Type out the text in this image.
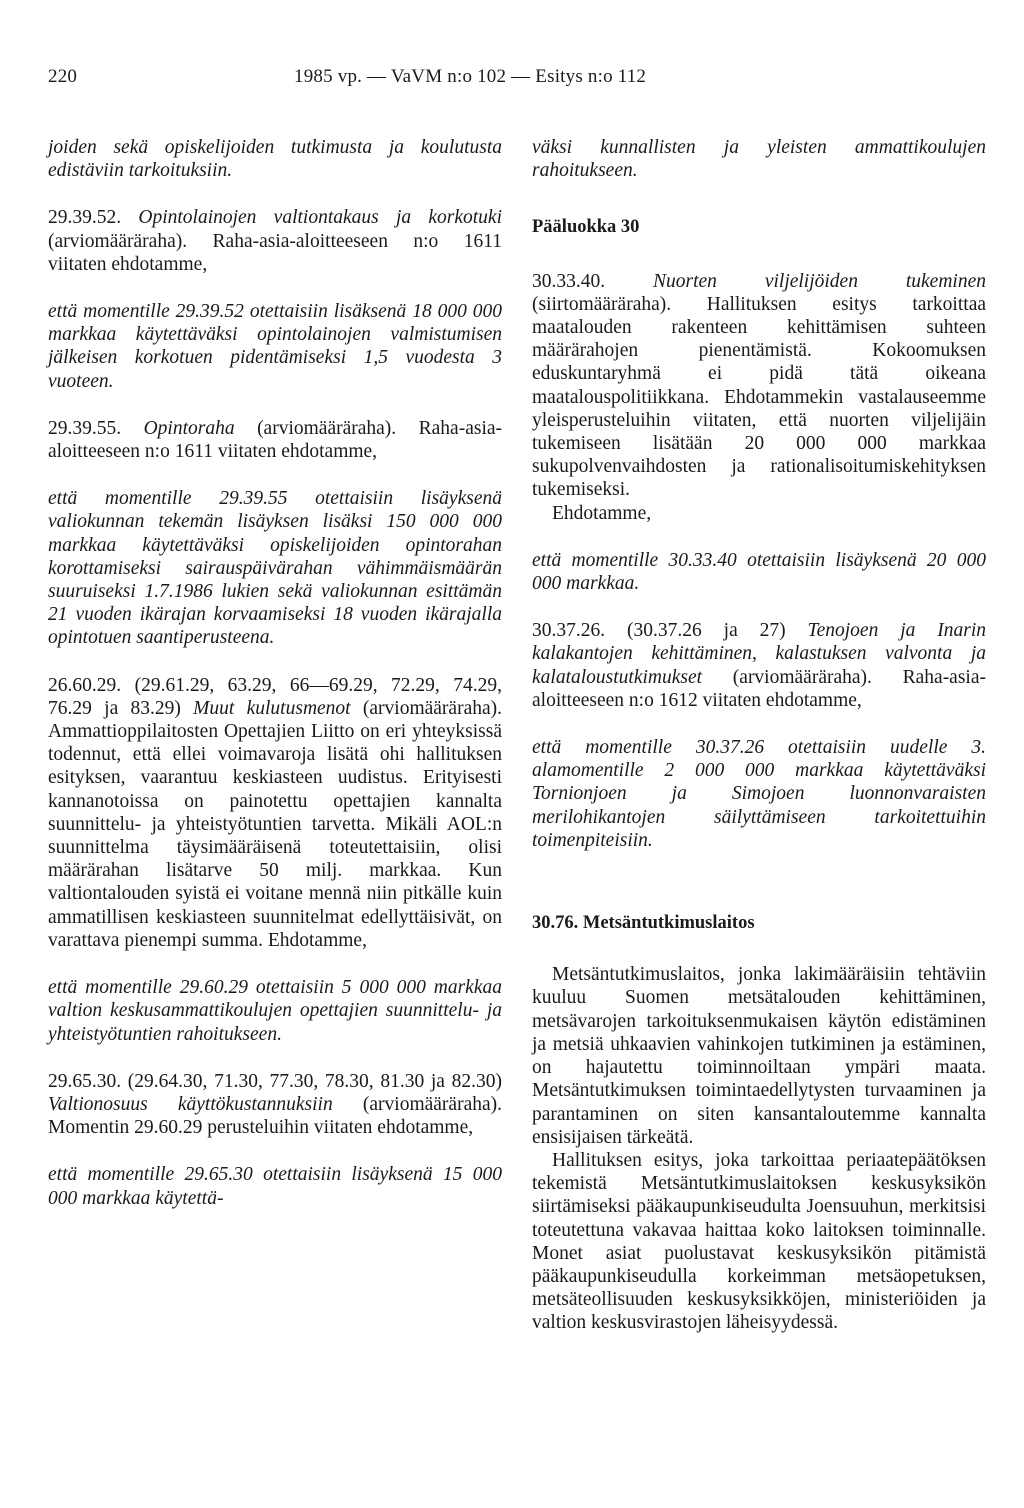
220	1985 vp. — VaVM n:o 102 — Esitys n:o 112

joiden sekä opiskelijoiden tutkimusta ja koulutusta edistäviin tarkoituksiin.

29.39.52. Opintolainojen valtiontakaus ja korkotuki (arviomääräraha). Raha-asia-aloitteeseen n:o 1611 viitaten ehdotamme,

että momentille 29.39.52 otettaisiin lisäksenä 18 000 000 markkaa käytettäväksi opintolainojen valmistumisen jälkeisen korkotuen pidentämiseksi 1,5 vuodesta 3 vuoteen.

29.39.55. Opintoraha (arviomääräraha). Raha-asia-aloitteeseen n:o 1611 viitaten ehdotamme,

että momentille 29.39.55 otettaisiin lisäyksenä valiokunnan tekemän lisäyksen lisäksi 150 000 000 markkaa käytettäväksi opiskelijoiden opintorahan korottamiseksi sairauspäivärahan vähimmäismäärän suuruiseksi 1.7.1986 lukien sekä valiokunnan esittämän 21 vuoden ikärajan korvaamiseksi 18 vuoden ikärajalla opintotuen saantiperusteena.

26.60.29. (29.61.29, 63.29, 66—69.29, 72.29, 74.29, 76.29 ja 83.29) Muut kulutusmenot (arviomääräraha). Ammattioppilaitosten Opettajien Liitto on eri yhteyksissä todennut, että ellei voimavaroja lisätä ohi hallituksen esityksen, vaarantuu keskiasteen uudistus. Erityisesti kannanotoissa on painotettu opettajien kannalta suunnittelu- ja yhteistyötuntien tarvetta. Mikäli AOL:n suunnittelma täysimääräisenä toteutettaisiin, olisi määrärahan lisätarve 50 milj. markkaa. Kun valtiontalouden syistä ei voitane mennä niin pitkälle kuin ammatillisen keskiasteen suunnitelmat edellyttäisivät, on varattava pienempi summa. Ehdotamme,

että momentille 29.60.29 otettaisiin 5 000 000 markkaa valtion keskusammattikoulujen opettajien suunnittelu- ja yhteistyötuntien rahoitukseen.

29.65.30. (29.64.30, 71.30, 77.30, 78.30, 81.30 ja 82.30) Valtionosuus käyttökustannuksiin (arviomääräraha). Momentin 29.60.29 perusteluihin viitaten ehdotamme,

että momentille 29.65.30 otettaisiin lisäyksenä 15 000 000 markkaa käytettä-

väksi kunnallisten ja yleisten ammattikoulujen rahoitukseen.

Pääluokka 30

30.33.40. Nuorten viljelijöiden tukeminen (siirtomääräraha). Hallituksen esitys tarkoittaa maatalouden rakenteen kehittämisen suhteen määrärahojen pienentämistä. Kokoomuksen eduskuntaryhmä ei pidä tätä oikeana maatalouspolitiikkana. Ehdotammekin vastalauseemme yleisperusteluihin viitaten, että nuorten viljelijäin tukemiseen lisätään 20 000 000 markkaa sukupolvenvaihdosten ja rationalisoitumiskehityksen tukemiseksi.

Ehdotamme,

että momentille 30.33.40 otettaisiin lisäyksenä 20 000 000 markkaa.

30.37.26. (30.37.26 ja 27) Tenojoen ja Inarin kalakantojen kehittäminen, kalastuksen valvonta ja kalataloustutkimukset (arviomääräraha). Raha-asia-aloitteeseen n:o 1612 viitaten ehdotamme,

että momentille 30.37.26 otettaisiin uudelle 3. alamomentille 2 000 000 markkaa käytettäväksi Tornionjoen ja Simojoen luonnonvaraisten merilohikantojen säilyttämiseen tarkoitettuihin toimenpiteisiin.

30.76. Metsäntutkimuslaitos

Metsäntutkimuslaitos, jonka lakimääräisiin tehtäviin kuuluu Suomen metsätalouden kehittäminen, metsävarojen tarkoituksenmukaisen käytön edistäminen ja metsiä uhkaavien vahinkojen tutkiminen ja estäminen, on hajautettu toiminnoiltaan ympäri maata. Metsäntutkimuksen toimintaedellytysten turvaaminen ja parantaminen on siten kansantaloutemme kannalta ensisijaisen tärkeätä.

Hallituksen esitys, joka tarkoittaa periaatepäätöksen tekemistä Metsäntutkimuslaitoksen keskusyksikön siirtämiseksi pääkaupunkiseudulta Joensuuhun, merkitsisi toteutettuna vakavaa haittaa koko laitoksen toiminnalle. Monet asiat puolustavat keskusyksikön pitämistä pääkaupunkiseudulla korkeimman metsäopetuksen, metsäteollisuuden keskusyksikköjen, ministeriöiden ja valtion keskusvirastojen läheisyydessä.
